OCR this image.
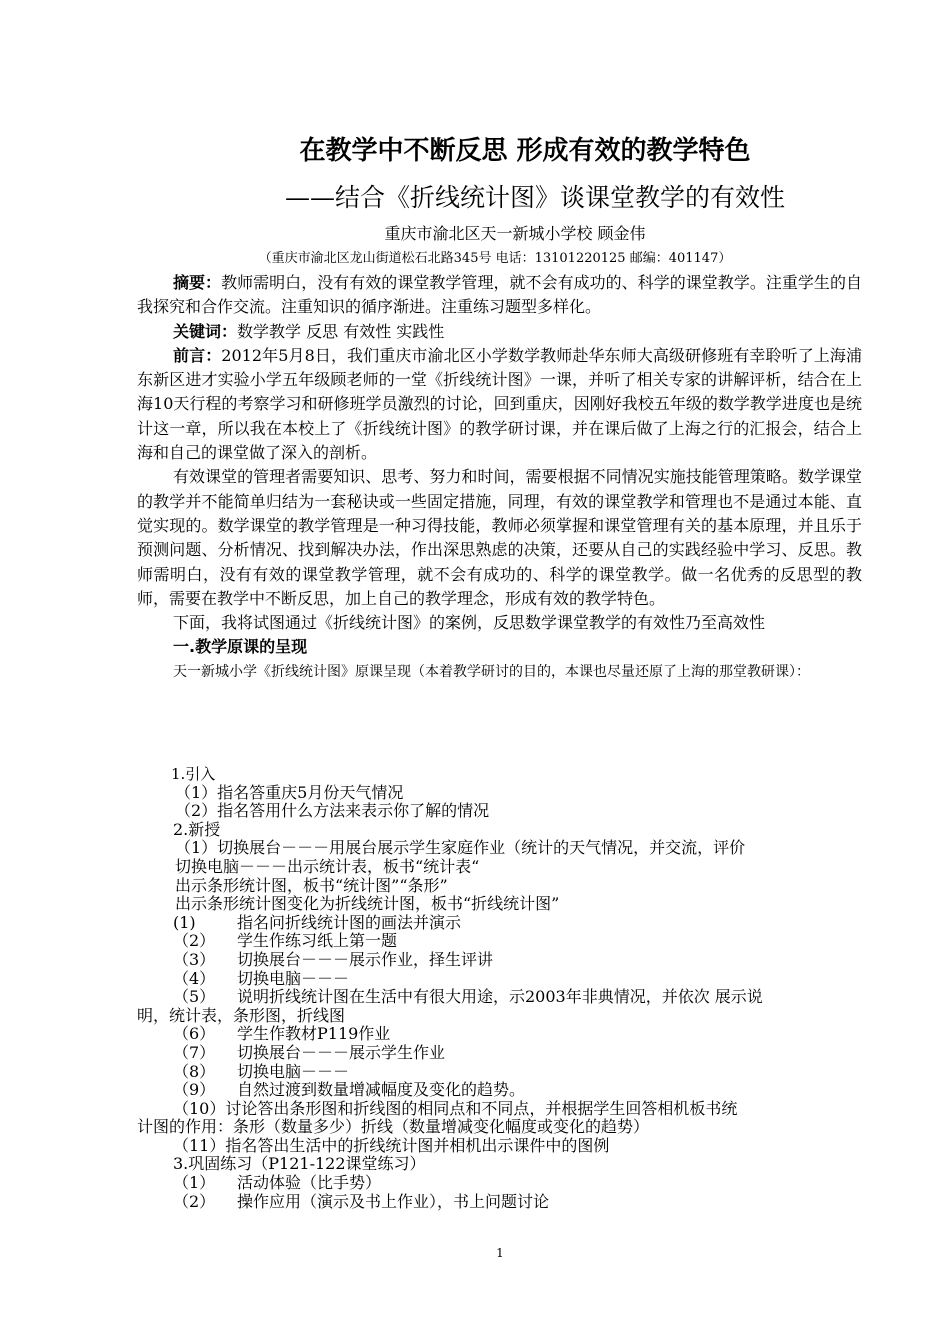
在教学中不断反思 形成有效的教学特色
——结合《折线统计图》谈课堂教学的有效性
重庆市渝北区天一新城小学校 顾金伟
（重庆市渝北区龙山街道松石北路345号 电话：13101220125 邮编：401147）

摘要：教师需明白，没有有效的课堂教学管理，就不会有成功的、科学的课堂教学。注重学生的自我探究和合作交流。注重知识的循序渐进。注重练习题型多样化。

关键词：数学教学 反思 有效性 实践性

前言：2012年5月8日，我们重庆市渝北区小学数学教师赴华东师大高级研修班有幸聆听了上海浦东新区进才实验小学五年级顾老师的一堂《折线统计图》一课，并听了相关专家的讲解评析，结合在上海10天行程的考察学习和研修班学员激烈的讨论，回到重庆，因刚好我校五年级的数学教学进度也是统计这一章，所以我在本校上了《折线统计图》的教学研讨课，并在课后做了上海之行的汇报会，结合上海和自己的课堂做了深入的剖析。

有效课堂的管理者需要知识、思考、努力和时间，需要根据不同情况实施技能管理策略。数学课堂的教学并不能简单归结为一套秘诀或一些固定措施，同理，有效的课堂教学和管理也不是通过本能、直觉实现的。数学课堂的教学管理是一种习得技能，教师必须掌握和课堂管理有关的基本原理，并且乐于预测问题、分析情况、找到解决办法，作出深思熟虑的决策，还要从自己的实践经验中学习、反思。教师需明白，没有有效的课堂教学管理，就不会有成功的、科学的课堂教学。做一名优秀的反思型的教师，需要在教学中不断反思，加上自己的教学理念，形成有效的教学特色。

下面，我将试图通过《折线统计图》的案例，反思数学课堂教学的有效性乃至高效性

一.教学原课的呈现

天一新城小学《折线统计图》原课呈现（本着教学研讨的目的，本课也尽量还原了上海的那堂教研课）：

1.引入
（1）指名答重庆5月份天气情况
（2）指名答用什么方法来表示你了解的情况
2.新授
（1）切换展台－－－用展台展示学生家庭作业（统计的天气情况，并交流，评价
切换电脑－－－出示统计表，板书“统计表“
出示条形统计图，板书“统计图”“条形”
出示条形统计图变化为折线统计图，板书“折线统计图”
(1)	指名问折线统计图的画法并演示
（2） 学生作练习纸上第一题
（3） 切换展台－－－展示作业，择生评讲
（4） 切换电脑－－－
（5） 说明折线统计图在生活中有很大用途，示2003年非典情况，并依次 展示说
明，统计表，条形图，折线图
（6） 学生作教材P119作业
（7） 切换展台－－－展示学生作业
（8） 切换电脑－－－
（9） 自然过渡到数量增减幅度及变化的趋势。
（10）讨论答出条形图和折线图的相同点和不同点，并根据学生回答相机板书统
计图的作用：条形（数量多少）折线（数量增减变化幅度或变化的趋势）
（11）指名答出生活中的折线统计图并相机出示课件中的图例
3.巩固练习（P121-122课堂练习）
（1） 活动体验（比手势）
（2） 操作应用（演示及书上作业），书上问题讨论
1
